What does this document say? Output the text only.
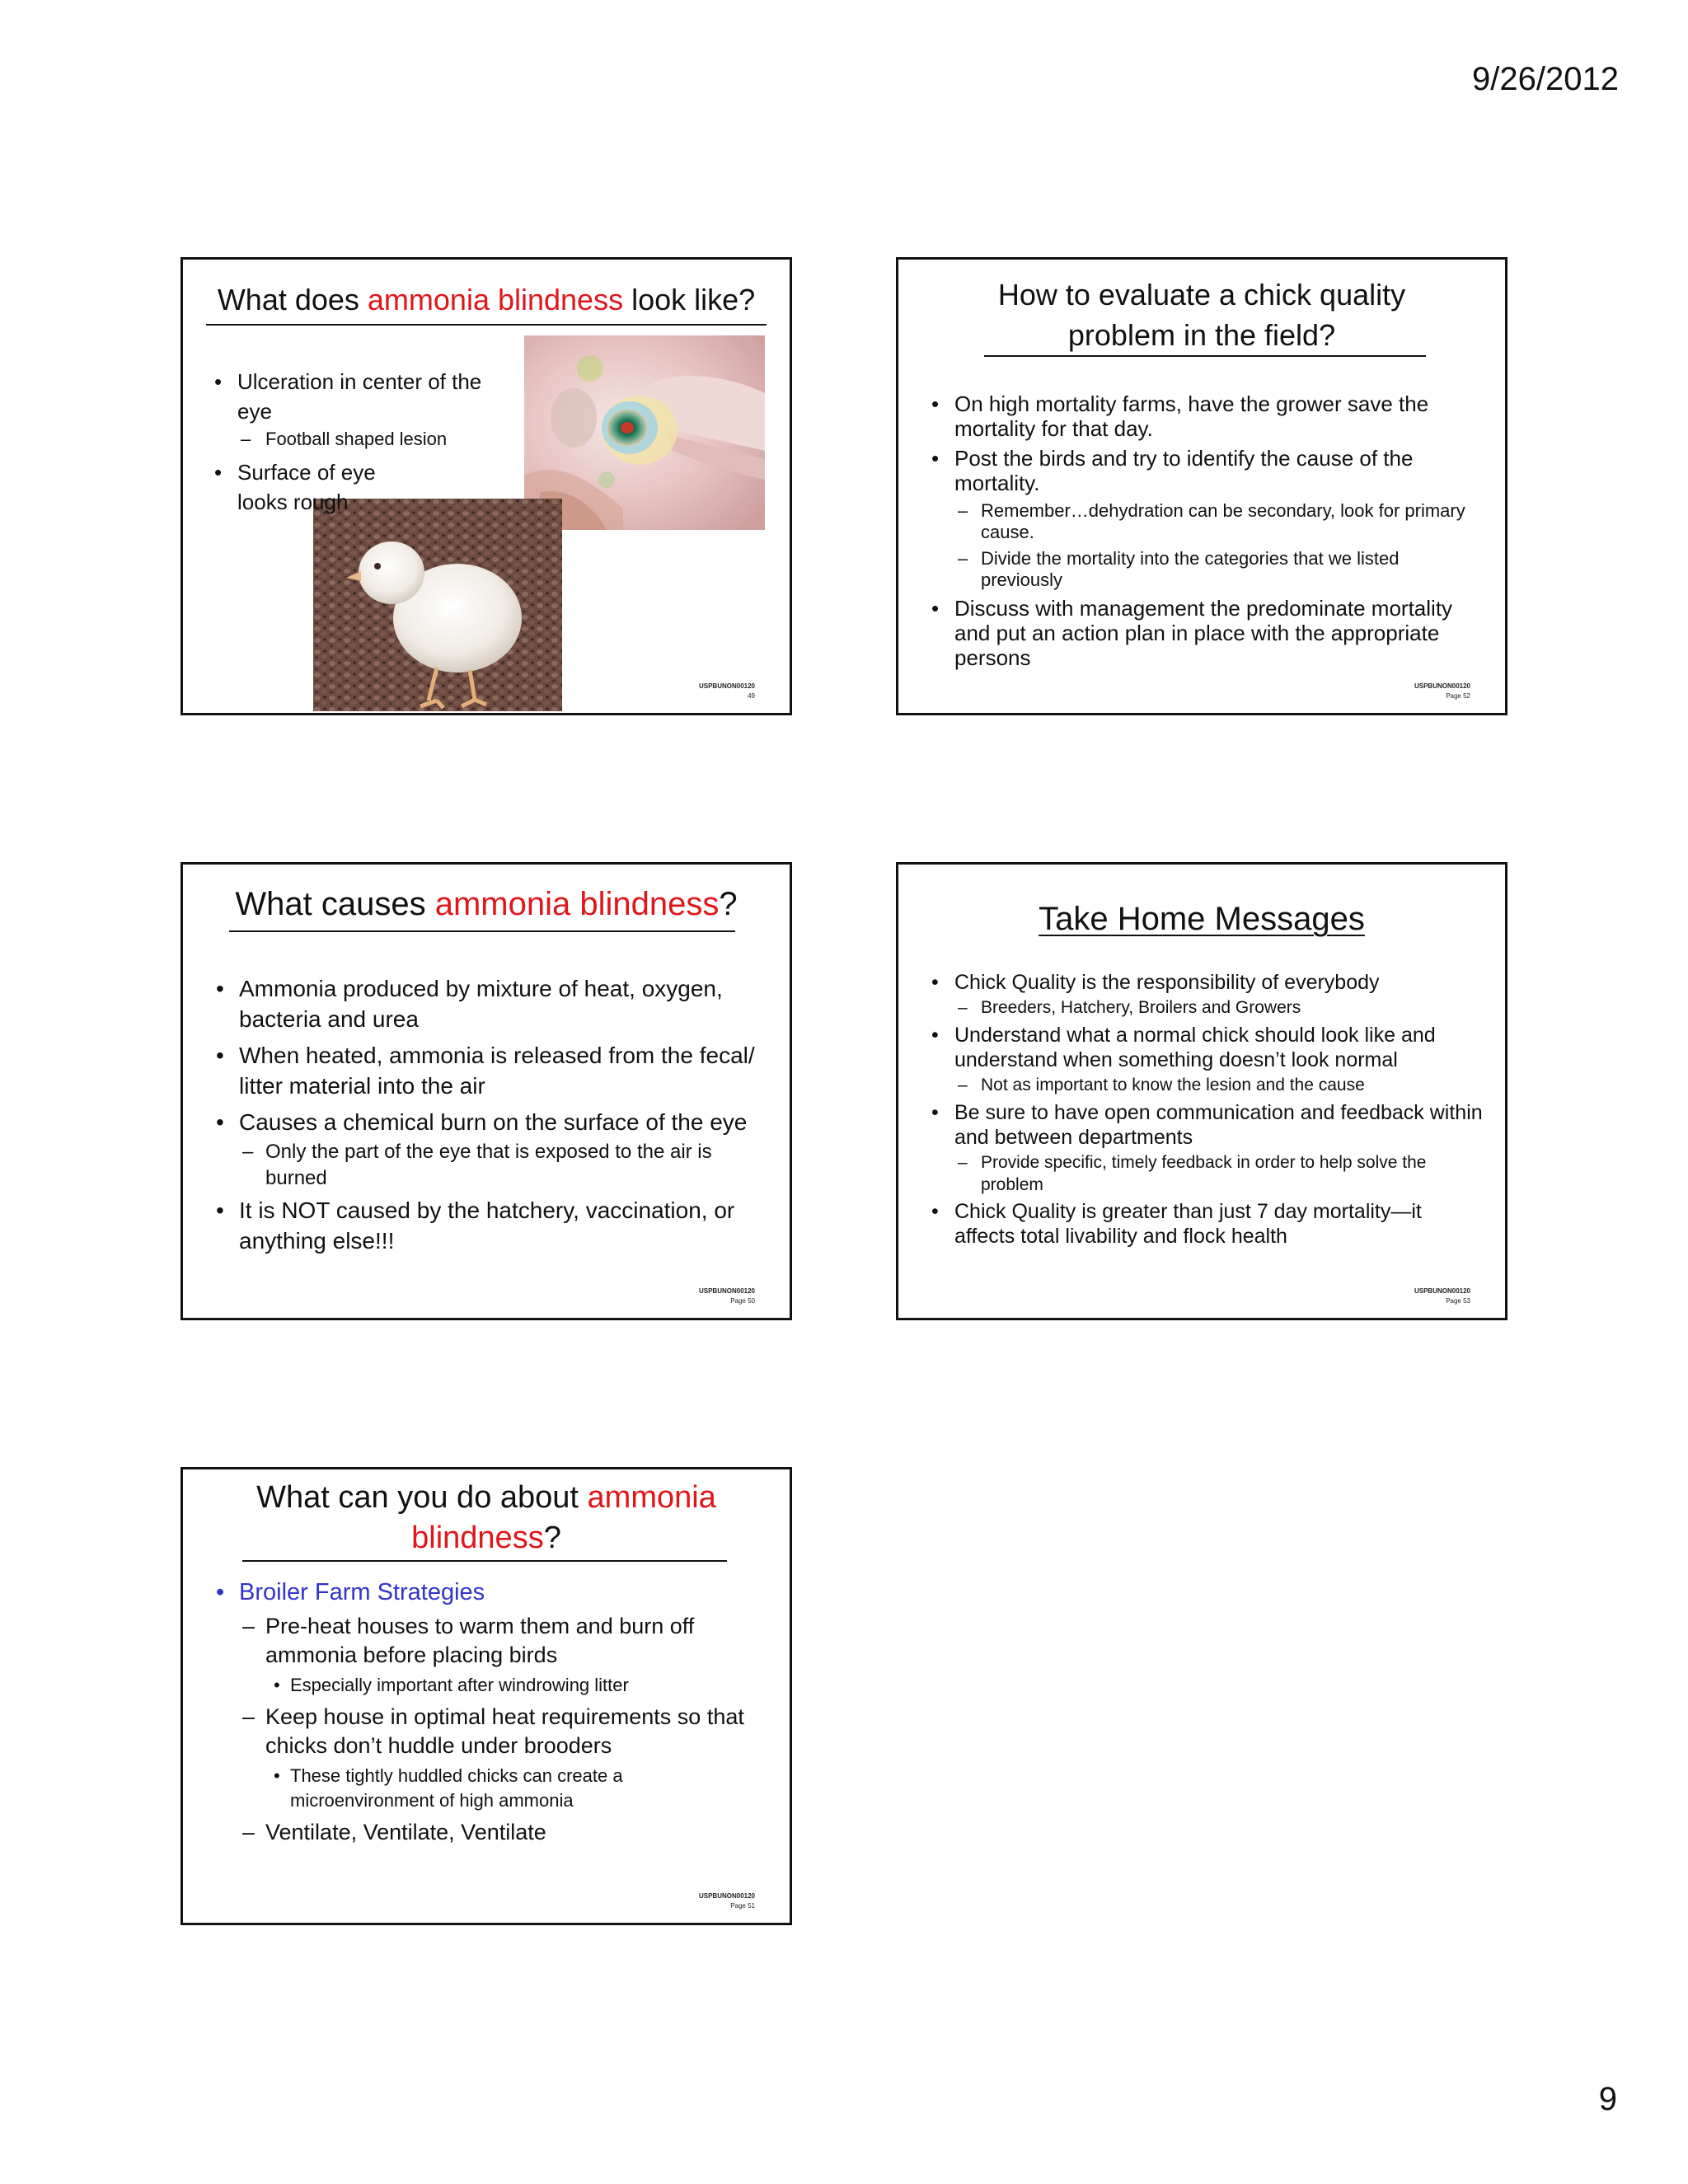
9/26/2012
What does ammonia blindness look like?
• Ulceration in center of the eye
– Football shaped lesion
• Surface of eye looks rough
USPBUNON00120
49
How to evaluate a chick quality problem in the field?
• On high mortality farms, have the grower save the mortality for that day.
• Post the birds and try to identify the cause of the mortality.
– Remember…dehydration can be secondary, look for primary cause.
– Divide the mortality into the categories that we listed previously
• Discuss with management the predominate mortality and put an action plan in place with the appropriate persons
USPBUNON00120
Page 52
What causes ammonia blindness?
• Ammonia produced by mixture of heat, oxygen, bacteria and urea
• When heated, ammonia is released from the fecal/ litter material into the air
• Causes a chemical burn on the surface of the eye
– Only the part of the eye that is exposed to the air is burned
• It is NOT caused by the hatchery, vaccination, or anything else!!!
USPBUNON00120
Page 50
Take Home Messages
• Chick Quality is the responsibility of everybody
– Breeders, Hatchery, Broilers and Growers
• Understand what a normal chick should look like and understand when something doesn’t look normal
– Not as important to know the lesion and the cause
• Be sure to have open communication and feedback within and between departments
– Provide specific, timely feedback in order to help solve the problem
• Chick Quality is greater than just 7 day mortality—it affects total livability and flock health
USPBUNON00120
Page 53
What can you do about ammonia blindness?
• Broiler Farm Strategies
– Pre-heat houses to warm them and burn off ammonia before placing birds
• Especially important after windrowing litter
– Keep house in optimal heat requirements so that chicks don’t huddle under brooders
• These tightly huddled chicks can create a microenvironment of high ammonia
– Ventilate, Ventilate, Ventilate
USPBUNON00120
Page 51
9
